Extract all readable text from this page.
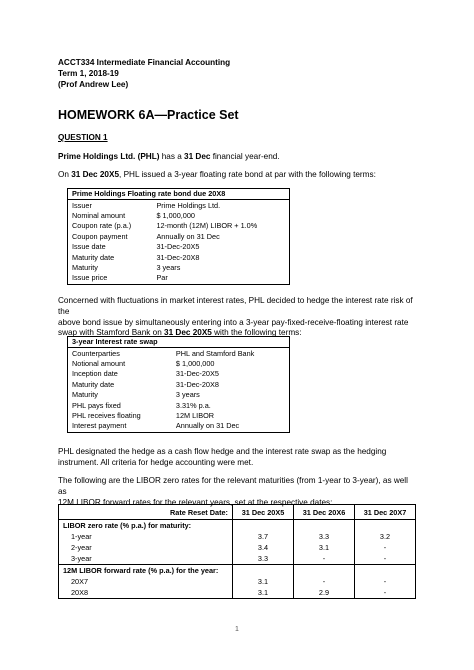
ACCT334 Intermediate Financial Accounting
Term 1, 2018-19
(Prof Andrew Lee)
HOMEWORK 6A—Practice Set
QUESTION 1
Prime Holdings Ltd. (PHL) has a 31 Dec financial year-end.
On 31 Dec 20X5, PHL issued a 3-year floating rate bond at par with the following terms:
Prime Holdings Floating rate bond due 20X8	
Issuer	Prime Holdings Ltd.
Nominal amount	$ 1,000,000
Coupon rate (p.a.)	12-month (12M) LIBOR + 1.0%
Coupon payment	Annually on 31 Dec
Issue date	31-Dec-20X5
Maturity date	31-Dec-20X8
Maturity	3 years
Issue price	Par
Concerned with fluctuations in market interest rates, PHL decided to hedge the interest rate risk of the
above bond issue by simultaneously entering into a 3-year pay-fixed-receive-floating interest rate
swap with Stamford Bank on 31 Dec 20X5 with the following terms:
3-year Interest rate swap	
Counterparties	PHL and Stamford Bank
Notional amount	$ 1,000,000
Inception date	31-Dec-20X5
Maturity date	31-Dec-20X8
Maturity	3 years
PHL pays fixed	3.31% p.a.
PHL receives floating	12M LIBOR
Interest payment	Annually on 31 Dec
PHL designated the hedge as a cash flow hedge and the interest rate swap as the hedging
instrument. All criteria for hedge accounting were met.
The following are the LIBOR zero rates for the relevant maturities (from 1-year to 3-year), as well as
12M LIBOR forward rates for the relevant years, set at the respective dates:
Rate Reset Date:	31 Dec 20X5	31 Dec 20X6	31 Dec 20X7
LIBOR zero rate (% p.a.) for maturity:			
1-year	3.7	3.3	3.2
2-year	3.4	3.1	-
3-year	3.3	-	-
12M LIBOR forward rate (% p.a.) for the year:			
20X7	3.1	-	-
20X8	3.1	2.9	-
1
